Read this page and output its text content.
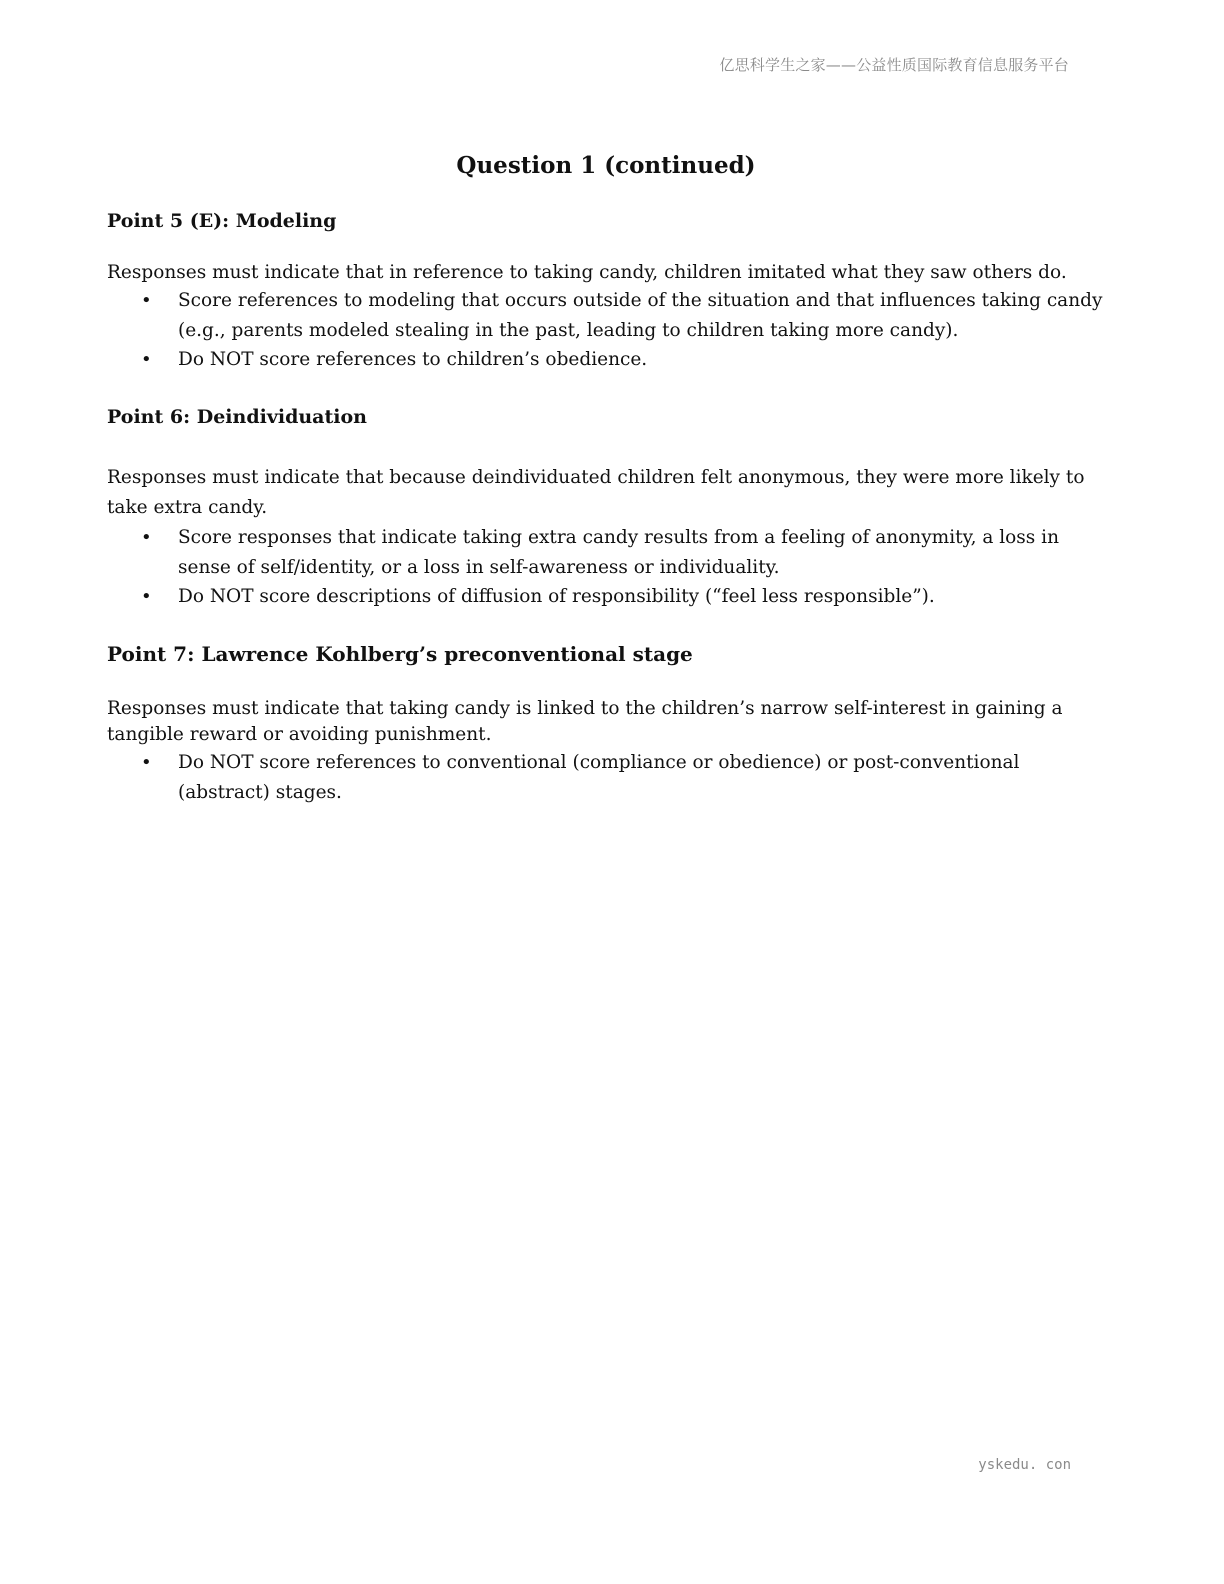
亿思科学生之家——公益性质国际教育信息服务平台
Question 1 (continued)
Point 5 (E): Modeling

Responses must indicate that in reference to taking candy, children imitated what they saw others do.

• Score references to modeling that occurs outside of the situation and that influences taking candy (e.g., parents modeled stealing in the past, leading to children taking more candy).
• Do NOT score references to children’s obedience.
Point 6: Deindividuation

Responses must indicate that because deindividuated children felt anonymous, they were more likely to take extra candy.

• Score responses that indicate taking extra candy results from a feeling of anonymity, a loss in sense of self/identity, or a loss in self-awareness or individuality.
• Do NOT score descriptions of diffusion of responsibility (“feel less responsible”).
Point 7: Lawrence Kohlberg’s preconventional stage

Responses must indicate that taking candy is linked to the children’s narrow self-interest in gaining a tangible reward or avoiding punishment.

• Do NOT score references to conventional (compliance or obedience) or post-conventional (abstract) stages.
yskedu. con
